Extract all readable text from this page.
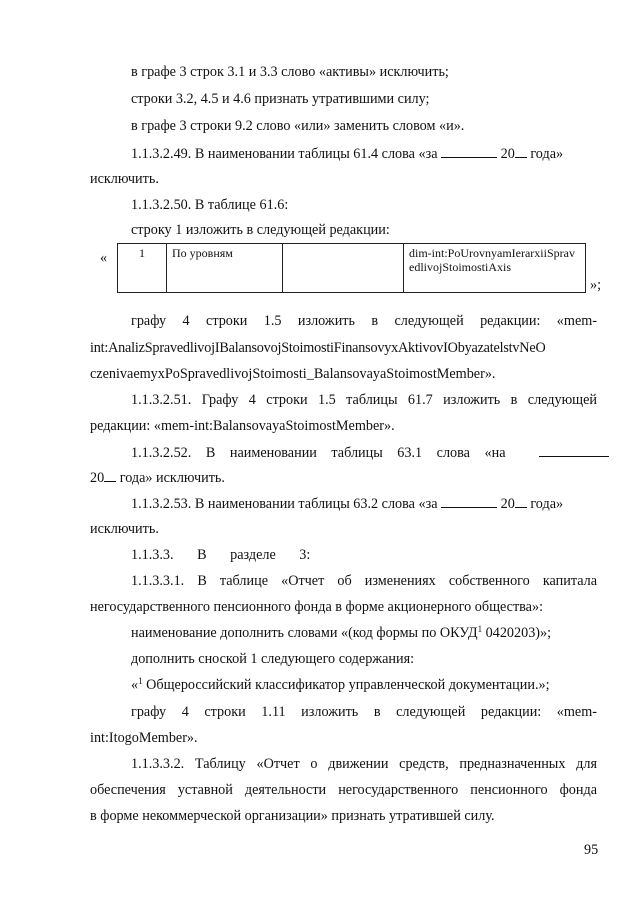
в графе 3 строк 3.1 и 3.3 слово «активы» исключить;
строки 3.2, 4.5 и 4.6 признать утратившими силу;
в графе 3 строки 9.2 слово «или» заменить словом «и».
1.1.3.2.49. В наименовании таблицы 61.4 слова «за	20 года»
исключить.
1.1.3.2.50. В таблице 61.6:
строку 1 изложить в следующей редакции:
«	1	По уровням		dim-int:PoUrovnyamIerarxiiSpravedlivojStoimostiAxis
»;
графу 4 строки 1.5 изложить в следующей редакции: «mem-
int:AnalizSpravedlivojIBalansovojStoimostiFinansovyxAktivovIObyazatelstvNeO
czenivaemyxPoSpravedlivojStoimosti_BalansovayaStoimostMember».
1.1.3.2.51. Графу 4 строки 1.5 таблицы 61.7 изложить в следующей
редакции: «mem-int:BalansovayaStoimostMember».
1.1.3.2.52. В наименовании таблицы 63.1 слова «на
20 года» исключить.
1.1.3.2.53. В наименовании таблицы 63.2 слова «за	20 года»
исключить.
1.1.3.3. В разделе 3:
1.1.3.3.1. В таблице «Отчет об изменениях собственного капитала
негосударственного пенсионного фонда в форме акционерного общества»:
наименование дополнить словами «(код формы по ОКУД$^1$ 0420203)»;
дополнить сноской 1 следующего содержания:
«$^1$ Общероссийский классификатор управленческой документации.»;
графу 4 строки 1.11 изложить в следующей редакции: «mem-
int:ItogoMember».
1.1.3.3.2. Таблицу «Отчет о движении средств, предназначенных для
обеспечения уставной деятельности негосударственного пенсионного фонда
в форме некоммерческой организации» признать утратившей силу.
95
